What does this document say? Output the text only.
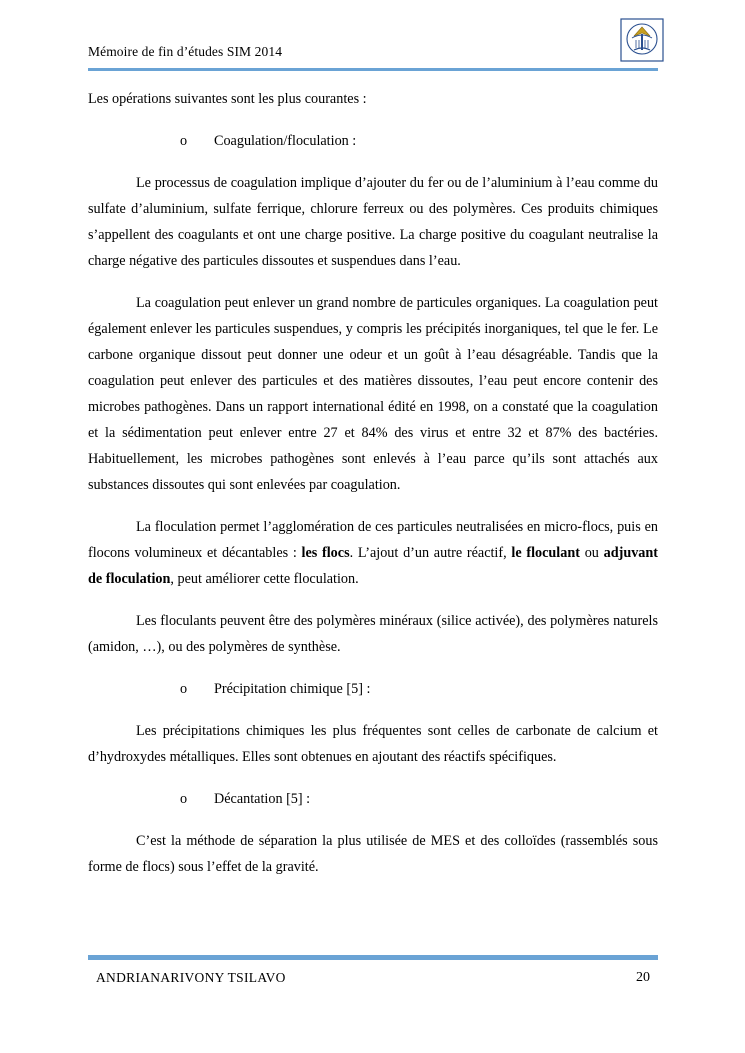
Mémoire de fin d’études SIM 2014

Les opérations suivantes sont les plus courantes :

o Coagulation/floculation :

Le processus de coagulation implique d’ajouter du fer ou de l’aluminium à l’eau comme du sulfate d’aluminium, sulfate ferrique, chlorure ferreux ou des polymères. Ces produits chimiques s’appellent des coagulants et ont une charge positive. La charge positive du coagulant neutralise la charge négative des particules dissoutes et suspendues dans l’eau.

La coagulation peut enlever un grand nombre de particules organiques. La coagulation peut également enlever les particules suspendues, y compris les précipités inorganiques, tel que le fer. Le carbone organique dissout peut donner une odeur et un goût à l’eau désagréable. Tandis que la coagulation peut enlever des particules et des matières dissoutes, l’eau peut encore contenir des microbes pathogènes. Dans un rapport international édité en 1998, on a constaté que la coagulation et la sédimentation peut enlever entre 27 et 84% des virus et entre 32 et 87% des bactéries. Habituellement, les microbes pathogènes sont enlevés à l’eau parce qu’ils sont attachés aux substances dissoutes qui sont enlevées par coagulation.

La floculation permet l’agglomération de ces particules neutralisées en micro-flocs, puis en flocons volumineux et décantables : les flocs. L’ajout d’un autre réactif, le floculant ou adjuvant de floculation, peut améliorer cette floculation.

Les floculants peuvent être des polymères minéraux (silice activée), des polymères naturels (amidon, …), ou des polymères de synthèse.

o Précipitation chimique [5] :

Les précipitations chimiques les plus fréquentes sont celles de carbonate de calcium et d’hydroxydes métalliques. Elles sont obtenues en ajoutant des réactifs spécifiques.

o Décantation [5] :

C’est la méthode de séparation la plus utilisée de MES et des colloïdes (rassemblés sous forme de flocs) sous l’effet de la gravité.

ANDRIANARIVONY TSILAVO	20
